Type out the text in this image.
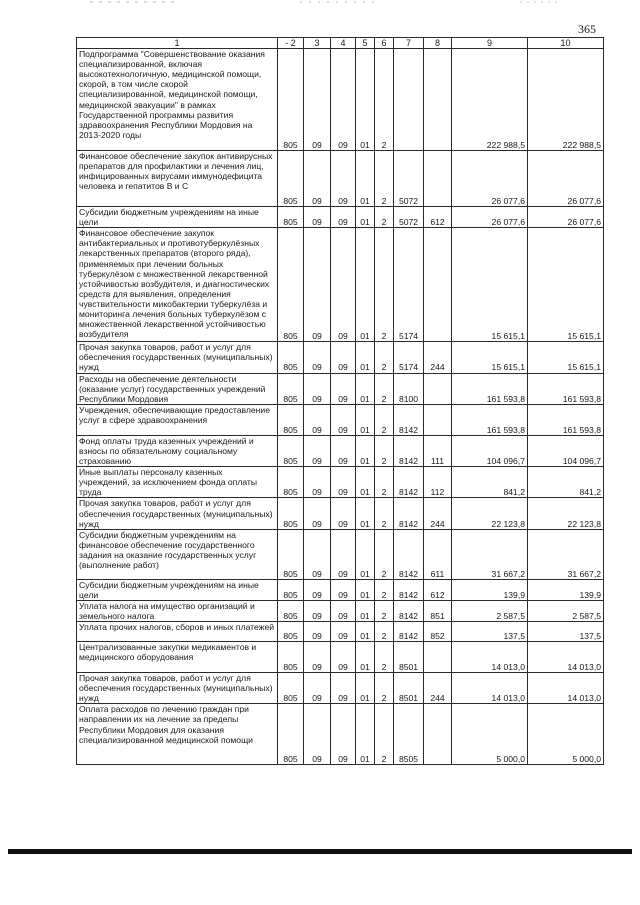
365
1	- 2	3	4	5	6	7	8	9	10
Подпрограмма "Совершенствование оказания специализированной, включая высокотехнологичную, медицинской помощи, скорой, в том числе скорой специализированной, медицинской помощи, медицинской эвакуации" в рамках Государственной программы развития здравоохранения Республики Мордовия на 2013-2020 годы	805	09	09	01	2			222 988,5	222 988,5
Финансовое обеспечение закупок антивирусных препаратов для профилактики и лечения лиц, инфицированных вирусами иммунодефицита человека и гепатитов В и С	805	09	09	01	2	5072		26 077,6	26 077,6
Субсидии бюджетным учреждениям на иные цели	805	09	09	01	2	5072	612	26 077,6	26 077,6
Финансовое обеспечение закупок антибактериальных и противотуберкулёзных лекарственных препаратов (второго ряда), применяемых при лечении больных туберкулёзом с множественной лекарственной устойчивостью возбудителя, и диагностических средств для выявления, определения чувствительности микобактерии туберкулёза и мониторинга лечения больных туберкулёзом с множественной лекарственной устойчивостью возбудителя	805	09	09	01	2	5174		15 615,1	15 615,1
Прочая закупка товаров, работ и услуг для обеспечения государственных (муниципальных) нужд	805	09	09	01	2	5174	244	15 615,1	15 615,1
Расходы на обеспечение деятельности (оказание услуг) государственных учреждений Республики Мордовия	805	09	09	01	2	8100		161 593,8	161 593,8
Учреждения, обеспечивающие предоставление услуг в сфере здравоохранения	805	09	09	01	2	8142		161 593,8	161 593,8
Фонд оплаты труда казенных учреждений и взносы по обязательному социальному страхованию	805	09	09	01	2	8142	111	104 096,7	104 096,7
Иные выплаты персоналу казенных учреждений, за исключением фонда оплаты труда	805	09	09	01	2	8142	112	841,2	841,2
Прочая закупка товаров, работ и услуг для обеспечения государственных (муниципальных) нужд	805	09	09	01	2	8142	244	22 123,8	22 123,8
Субсидии бюджетным учреждениям на финансовое обеспечение государственного задания на оказание государственных услуг (выполнение работ)	805	09	09	01	2	8142	611	31 667,2	31 667,2
Субсидии бюджетным учреждениям на иные цели	805	09	09	01	2	8142	612	139,9	139,9
Уплата налога на имущество организаций и земельного налога	805	09	09	01	2	8142	851	2 587,5	2 587,5
Уплата прочих налогов, сборов и иных платежей	805	09	09	01	2	8142	852	137,5	137,5
Централизованные закупки медикаментов и медицинского оборудования	805	09	09	01	2	8501		14 013,0	14 013,0
Прочая закупка товаров, работ и услуг для обеспечения государственных (муниципальных) нужд	805	09	09	01	2	8501	244	14 013,0	14 013,0
Оплата расходов по лечению граждан при направлении их на лечение за пределы Республики Мордовия для оказания специализированной медицинской помощи	805	09	09	01	2	8505		5 000,0	5 000,0
